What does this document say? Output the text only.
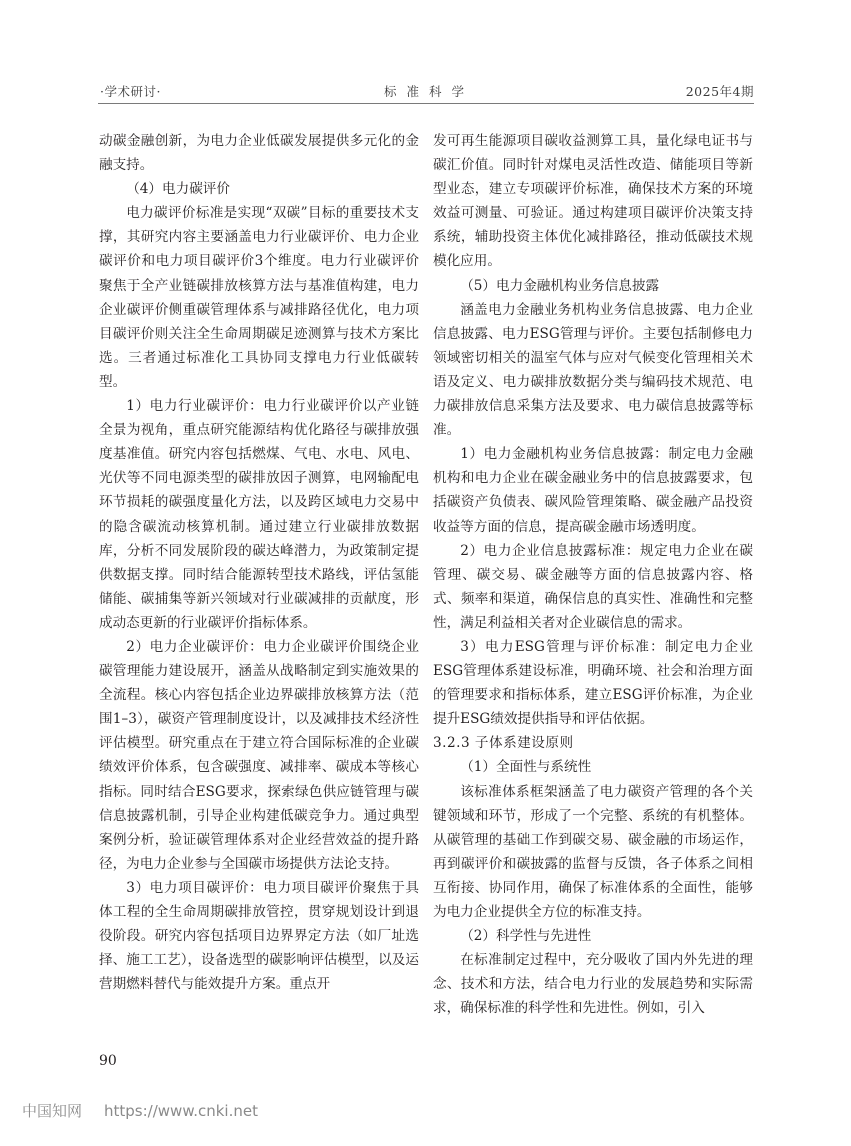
·学术研讨·	标 准 科 学	2025年4期

动碳金融创新，为电力企业低碳发展提供多元化的金融支持。

（4）电力碳评价

电力碳评价标准是实现“双碳”目标的重要技术支撑，其研究内容主要涵盖电力行业碳评价、电力企业碳评价和电力项目碳评价3个维度。电力行业碳评价聚焦于全产业链碳排放核算方法与基准值构建，电力企业碳评价侧重碳管理体系与减排路径优化，电力项目碳评价则关注全生命周期碳足迹测算与技术方案比选。三者通过标准化工具协同支撑电力行业低碳转型。

1）电力行业碳评价：电力行业碳评价以产业链全景为视角，重点研究能源结构优化路径与碳排放强度基准值。研究内容包括燃煤、气电、水电、风电、光伏等不同电源类型的碳排放因子测算，电网输配电环节损耗的碳强度量化方法，以及跨区域电力交易中的隐含碳流动核算机制。通过建立行业碳排放数据库，分析不同发展阶段的碳达峰潜力，为政策制定提供数据支撑。同时结合能源转型技术路线，评估氢能储能、碳捕集等新兴领域对行业碳减排的贡献度，形成动态更新的行业碳评价指标体系。

2）电力企业碳评价：电力企业碳评价围绕企业碳管理能力建设展开，涵盖从战略制定到实施效果的全流程。核心内容包括企业边界碳排放核算方法（范围1–3），碳资产管理制度设计，以及减排技术经济性评估模型。研究重点在于建立符合国际标准的企业碳绩效评价体系，包含碳强度、减排率、碳成本等核心指标。同时结合ESG要求，探索绿色供应链管理与碳信息披露机制，引导企业构建低碳竞争力。通过典型案例分析，验证碳管理体系对企业经营效益的提升路径，为电力企业参与全国碳市场提供方法论支持。

3）电力项目碳评价：电力项目碳评价聚焦于具体工程的全生命周期碳排放管控，贯穿规划设计到退役阶段。研究内容包括项目边界界定方法（如厂址选择、施工工艺），设备选型的碳影响评估模型，以及运营期燃料替代与能效提升方案。重点开

发可再生能源项目碳收益测算工具，量化绿电证书与碳汇价值。同时针对煤电灵活性改造、储能项目等新型业态，建立专项碳评价标准，确保技术方案的环境效益可测量、可验证。通过构建项目碳评价决策支持系统，辅助投资主体优化减排路径，推动低碳技术规模化应用。

（5）电力金融机构业务信息披露

涵盖电力金融业务机构业务信息披露、电力企业信息披露、电力ESG管理与评价。主要包括制修电力领域密切相关的温室气体与应对气候变化管理相关术语及定义、电力碳排放数据分类与编码技术规范、电力碳排放信息采集方法及要求、电力碳信息披露等标准。

1）电力金融机构业务信息披露：制定电力金融机构和电力企业在碳金融业务中的信息披露要求，包括碳资产负债表、碳风险管理策略、碳金融产品投资收益等方面的信息，提高碳金融市场透明度。

2）电力企业信息披露标准：规定电力企业在碳管理、碳交易、碳金融等方面的信息披露内容、格式、频率和渠道，确保信息的真实性、准确性和完整性，满足利益相关者对企业碳信息的需求。

3）电力ESG管理与评价标准：制定电力企业ESG管理体系建设标准，明确环境、社会和治理方面的管理要求和指标体系，建立ESG评价标准，为企业提升ESG绩效提供指导和评估依据。

3.2.3 子体系建设原则

（1）全面性与系统性

该标准体系框架涵盖了电力碳资产管理的各个关键领域和环节，形成了一个完整、系统的有机整体。从碳管理的基础工作到碳交易、碳金融的市场运作，再到碳评价和碳披露的监督与反馈，各子体系之间相互衔接、协同作用，确保了标准体系的全面性，能够为电力企业提供全方位的标准支持。

（2）科学性与先进性

在标准制定过程中，充分吸收了国内外先进的理念、技术和方法，结合电力行业的发展趋势和实际需求，确保标准的科学性和先进性。例如，引入

90
中国知网 https://www.cnki.net
